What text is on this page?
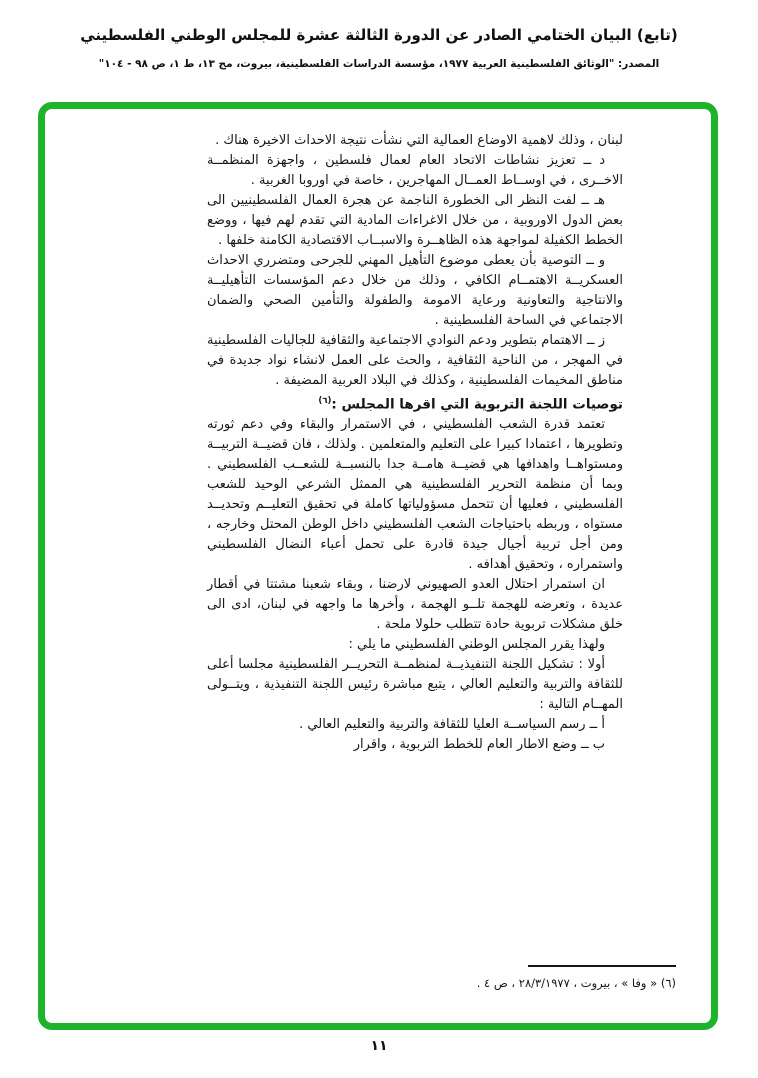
(تابع) البيان الختامي الصادر عن الدورة الثالثة عشرة للمجلس الوطني الفلسطيني
المصدر: "الوثائق الفلسطينية العربية ١٩٧٧، مؤسسة الدراسات الفلسطينية، بيروت، مج ١٣، ط ١، ص ٩٨ - ١٠٤"

لبنان ، وذلك لاهمية الاوضاع العمالية التي نشأت نتيجة الاحداث الاخيرة هناك .

د ــ تعزيز نشاطات الاتحاد العام لعمال فلسطين ، واجهزة المنظمــة الاخــرى ، في اوســاط العمــال المهاجرين ، خاصة في اوروبا الغربية .

هـ ــ لفت النظر الى الخطورة الناجمة عن هجرة العمال الفلسطينيين الى بعض الدول الاوروبية ، من خلال الاغراءات المادية التي تقدم لهم فيها ، ووضع الخطط الكفيلة لمواجهة هذه الظاهــرة والاسبــاب الاقتصادية الكامنة خلفها .

و ــ التوصية بأن يعطى موضوع التأهيل المهني للجرحى ومتضرري الاحداث العسكريــة الاهتمــام الكافي ، وذلك من خلال دعم المؤسسات التأهيليــة والانتاجية والتعاونية ورعاية الامومة والطفولة والتأمين الصحي والضمان الاجتماعي في الساحة الفلسطينية .

ز ــ الاهتمام بتطوير ودعم النوادي الاجتماعية والثقافية للجاليات الفلسطينية في المهجر ، من الناحية الثقافية ، والحث على العمل لانشاء نواد جديدة في مناطق المخيمات الفلسطينية ، وكذلك في البلاد العربية المضيفة .

توصيات اللجنة التربوية التي اقرها المجلس :$^{(٦)}$

تعتمد قدرة الشعب الفلسطيني ، في الاستمرار والبقاء وفي دعم ثورته وتطويرها ، اعتمادا كبيرا على التعليم والمتعلمين . ولذلك ، فان قضيــة التربيــة ومستواهــا واهدافها هي قضيــة هامــة جدا بالنسبــة للشعــب الفلسطيني . وبما أن منظمة التحرير الفلسطينية هي الممثل الشرعي الوحيد للشعب الفلسطيني ، فعليها أن تتحمل مسؤولياتها كاملة في تحقيق التعليــم وتحديــد مستواه ، وربطه باحتياجات الشعب الفلسطيني داخل الوطن المحتل وخارجه ، ومن أجل تربية أجيال جيدة قادرة على تحمل أعباء النضال الفلسطيني واستمراره ، وتحقيق أهدافه .

ان استمرار احتلال العدو الصهيوني لارضنا ، وبقاء شعبنا مشتتا في أقطار عديدة ، وتعرضه للهجمة تلــو الهجمة ، وأخرها ما واجهه في لبنان، ادى الى خلق مشكلات تربوية حادة تتطلب حلولا ملحة .

ولهذا يقرر المجلس الوطني الفلسطيني ما يلي :

أولا : تشكيل اللجنة التنفيذيــة لمنظمــة التحريــر الفلسطينية مجلسا أعلى للثقافة والتربية والتعليم العالي ، يتبع مباشرة رئيس اللجنة التنفيذية ، ويتــولى المهــام التالية :

أ ــ رسم السياســة العليا للثقافة والتربية والتعليم العالي .

ب ــ وضع الاطار العام للخطط التربوية ، واقرار

(٦) « وفا » ، بيروت ، ٢٨/٣/١٩٧٧ ، ص ٤ .
١١
